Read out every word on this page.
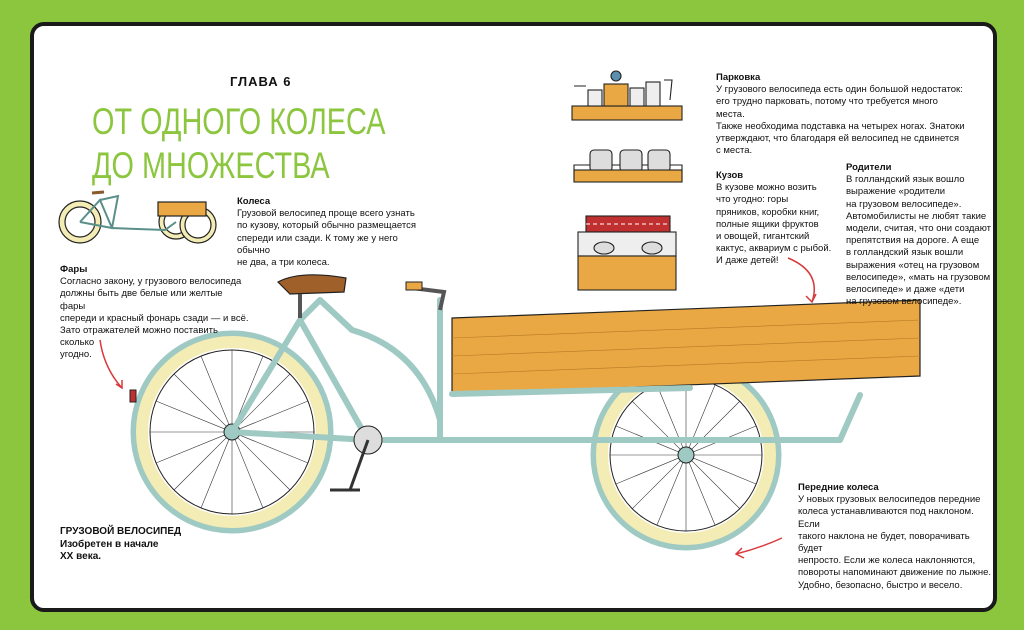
ГЛАВА 6
ОТ ОДНОГО КОЛЕСА
ДО МНОЖЕСТВА
Колеса
Грузовой велосипед проще всего узнать
по кузову, который обычно размещается
спереди или сзади. К тому же у него обычно
не два, а три колеса.
Фары
Согласно закону, у грузового велосипеда
должны быть две белые или желтые фары
спереди и красный фонарь сзади — и всё.
Зато отражателей можно поставить сколько
угодно.
Парковка
У грузового велосипеда есть один большой недостаток:
его трудно парковать, потому что требуется много места.
Также необходима подставка на четырех ногах. Знатоки
утверждают, что благодаря ей велосипед не сдвинется
с места.
Кузов
В кузове можно возить
что угодно: горы
пряников, коробки книг,
полные ящики фруктов
и овощей, гигантский
кактус, аквариум с рыбой.
И даже детей!
Родители
В голландский язык вошло
выражение «родители
на грузовом велосипеде».
Автомобилисты не любят такие
модели, считая, что они создают
препятствия на дороге. А еще
в голландский язык вошли
выражения «отец на грузовом
велосипеде», «мать на грузовом
велосипеде» и даже «дети
на грузовом велосипеде».
Передние колеса
У новых грузовых велосипедов передние
колеса устанавливаются под наклоном. Если
такого наклона не будет, поворачивать будет
непросто. Если же колеса наклоняются,
повороты напоминают движение по лыжне.
Удобно, безопасно, быстро и весело.
ГРУЗОВОЙ ВЕЛОСИПЕД
Изобретен в начале
XX века.
